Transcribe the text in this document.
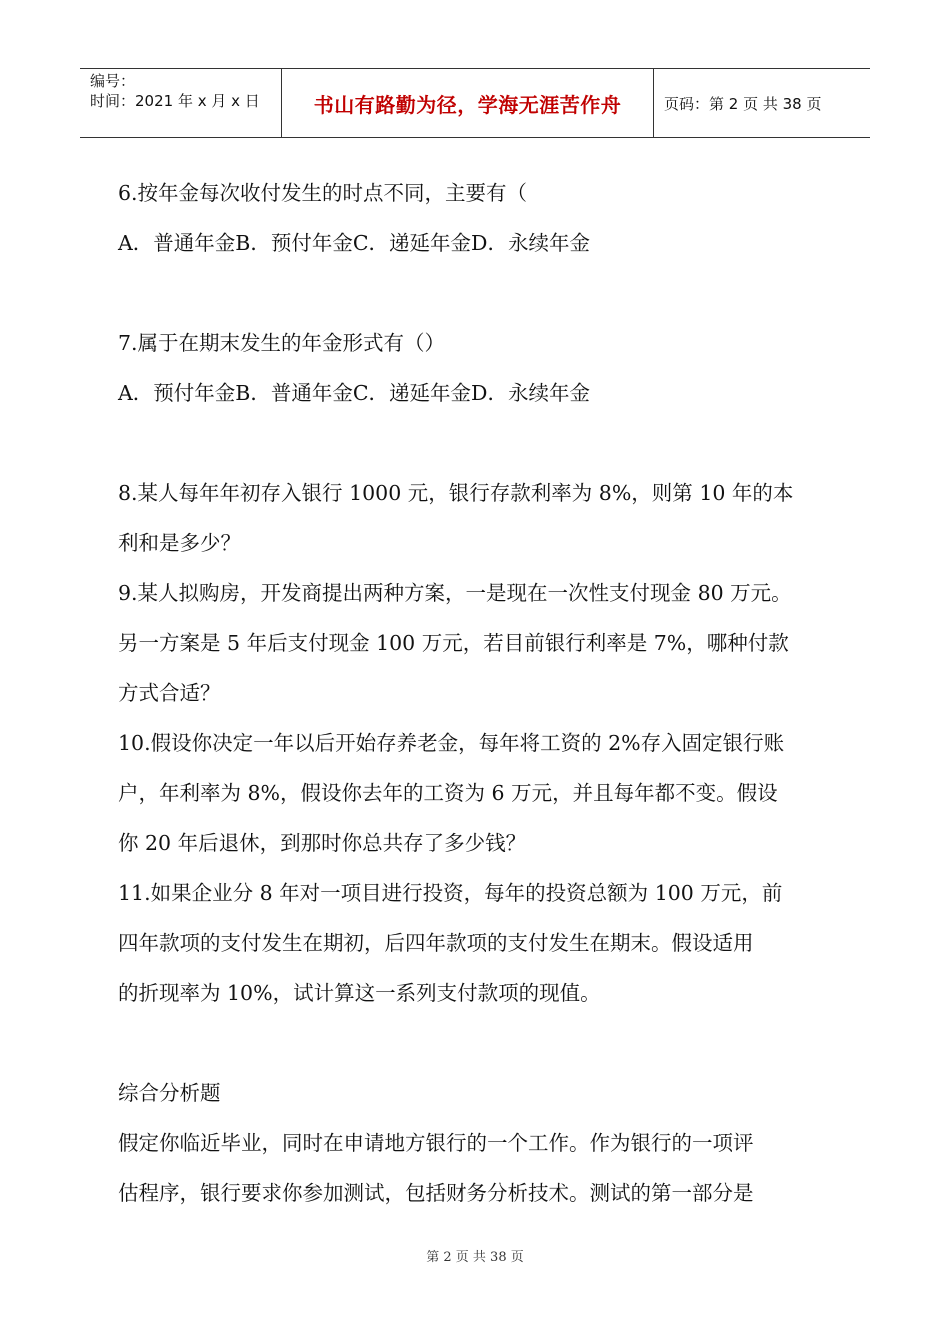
编号：
时间：2021 年 x 月 x 日	书山有路勤为径，学海无涯苦作舟	页码：第 2 页 共 38 页

6.按年金每次收付发生的时点不同，主要有（

A．普通年金B．预付年金C．递延年金D．永续年金

7.属于在期末发生的年金形式有（）

A．预付年金B．普通年金C．递延年金D．永续年金

8.某人每年年初存入银行 1000 元，银行存款利率为 8%，则第 10 年的本

利和是多少？

9.某人拟购房，开发商提出两种方案，一是现在一次性支付现金 80 万元。

另一方案是 5 年后支付现金 100 万元，若目前银行利率是 7%，哪种付款

方式合适？

10.假设你决定一年以后开始存养老金，每年将工资的 2%存入固定银行账

户，年利率为 8%，假设你去年的工资为 6 万元，并且每年都不变。假设

你 20 年后退休，到那时你总共存了多少钱？

11.如果企业分 8 年对一项目进行投资，每年的投资总额为 100 万元，前

四年款项的支付发生在期初，后四年款项的支付发生在期末。假设适用

的折现率为 10%，试计算这一系列支付款项的现值。

综合分析题

假定你临近毕业，同时在申请地方银行的一个工作。作为银行的一项评

估程序，银行要求你参加测试，包括财务分析技术。测试的第一部分是

第 2 页 共 38 页
